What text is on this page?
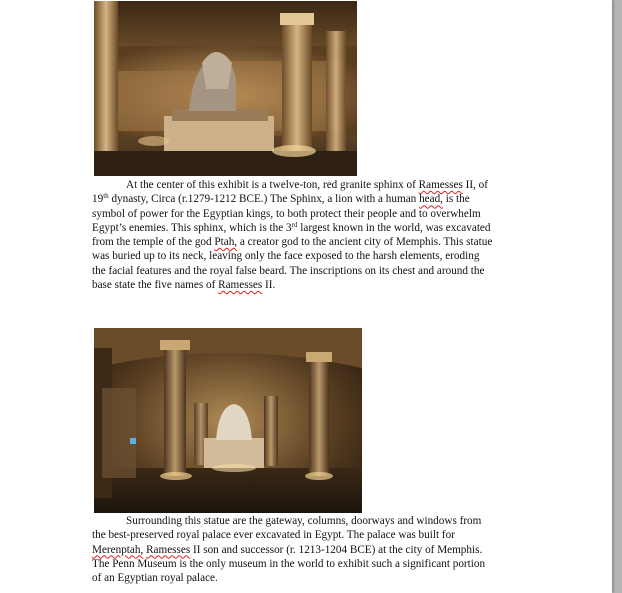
At the center of this exhibit is a twelve-ton, red granite sphinx of Ramesses II, of
19th dynasty, Circa (r.1279-1212 BCE.) The Sphinx, a lion with a human head, is the
symbol of power for the Egyptian kings, to both protect their people and to overwhelm
Egypt’s enemies. This sphinx, which is the 3rd largest known in the world, was excavated
from the temple of the god Ptah, a creator god to the ancient city of Memphis. This statue
was buried up to its neck, leaving only the face exposed to the harsh elements, eroding
the facial features and the royal false beard. The inscriptions on its chest and around the
base state the five names of Ramesses II.

Surrounding this statue are the gateway, columns, doorways and windows from
the best-preserved royal palace ever excavated in Egypt. The palace was built for
Merenptah, Ramesses II son and successor (r. 1213-1204 BCE) at the city of Memphis.
The Penn Museum is the only museum in the world to exhibit such a significant portion
of an Egyptian royal palace.
